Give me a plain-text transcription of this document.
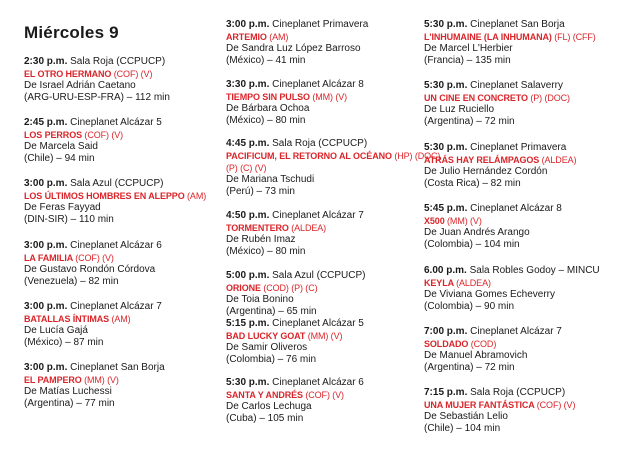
Miércoles 9
2:30 p.m. Sala Roja (CCPUCP)
EL OTRO HERMANO (COF) (V)
De Israel Adrián Caetano
(ARG-URU-ESP-FRA) – 112 min
2:45 p.m. Cineplanet Alcázar 5
LOS PERROS (COF) (V)
De Marcela Said
(Chile) – 94 min
3:00 p.m. Sala Azul (CCPUCP)
LOS ÚLTIMOS HOMBRES EN ALEPPO (AM)
De Feras Fayyad
(DIN-SIR) – 110 min
3:00 p.m. Cineplanet Alcázar 6
LA FAMILIA (COF) (V)
De Gustavo Rondón Córdova
(Venezuela) – 82 min
3:00 p.m. Cineplanet Alcázar 7
BATALLAS ÍNTIMAS (AM)
De Lucía Gajá
(México) – 87 min
3:00 p.m. Cineplanet San Borja
EL PAMPERO (MM) (V)
De Matías Luchessi
(Argentina) – 77 min
3:00 p.m. Cineplanet Primavera
ARTEMIO (AM)
De Sandra Luz López Barroso
(México) – 41 min
3:30 p.m. Cineplanet Alcázar 8
TIEMPO SIN PULSO (MM) (V)
De Bárbara Ochoa
(México) – 80 min
4:45 p.m. Sala Roja (CCPUCP)
PACIFICUM, EL RETORNO AL OCÉANO (HP) (DOC)
(P) (C) (V)
De Mariana Tschudi
(Perú) – 73 min
4:50 p.m. Cineplanet Alcázar 7
TORMENTERO (ALDEA)
De Rubén Imaz
(México) – 80 min
5:00 p.m. Sala Azul (CCPUCP)
ORIONE (COD) (P) (C)
De Toia Bonino
(Argentina) – 65 min
5:15 p.m. Cineplanet Alcázar 5
BAD LUCKY GOAT (MM) (V)
De Samir Oliveros
(Colombia) – 76 min
5:30 p.m. Cineplanet Alcázar 6
SANTA Y ANDRÉS (COF) (V)
De Carlos Lechuga
(Cuba) – 105 min
5:30 p.m. Cineplanet San Borja
L'INHUMAINE (LA INHUMANA) (FL) (CFF)
De Marcel L'Herbier
(Francia) – 135 min
5:30 p.m. Cineplanet Salaverry
UN CINE EN CONCRETO (P) (DOC)
De Luz Ruciello
(Argentina) – 72 min
5:30 p.m. Cineplanet Primavera
ATRÁS HAY RELÁMPAGOS (ALDEA)
De Julio Hernández Cordón
(Costa Rica) – 82 min
5:45 p.m. Cineplanet Alcázar 8
X500 (MM) (V)
De Juan Andrés Arango
(Colombia) – 104 min
6.00 p.m. Sala Robles Godoy – MINCU
KEYLA (ALDEA)
De Viviana Gomes Echeverry
(Colombia) – 90 min
7:00 p.m. Cineplanet Alcázar 7
SOLDADO (COD)
De Manuel Abramovich
(Argentina) – 72 min
7:15 p.m. Sala Roja (CCPUCP)
UNA MUJER FANTÁSTICA (COF) (V)
De Sebastián Lelio
(Chile) – 104 min
